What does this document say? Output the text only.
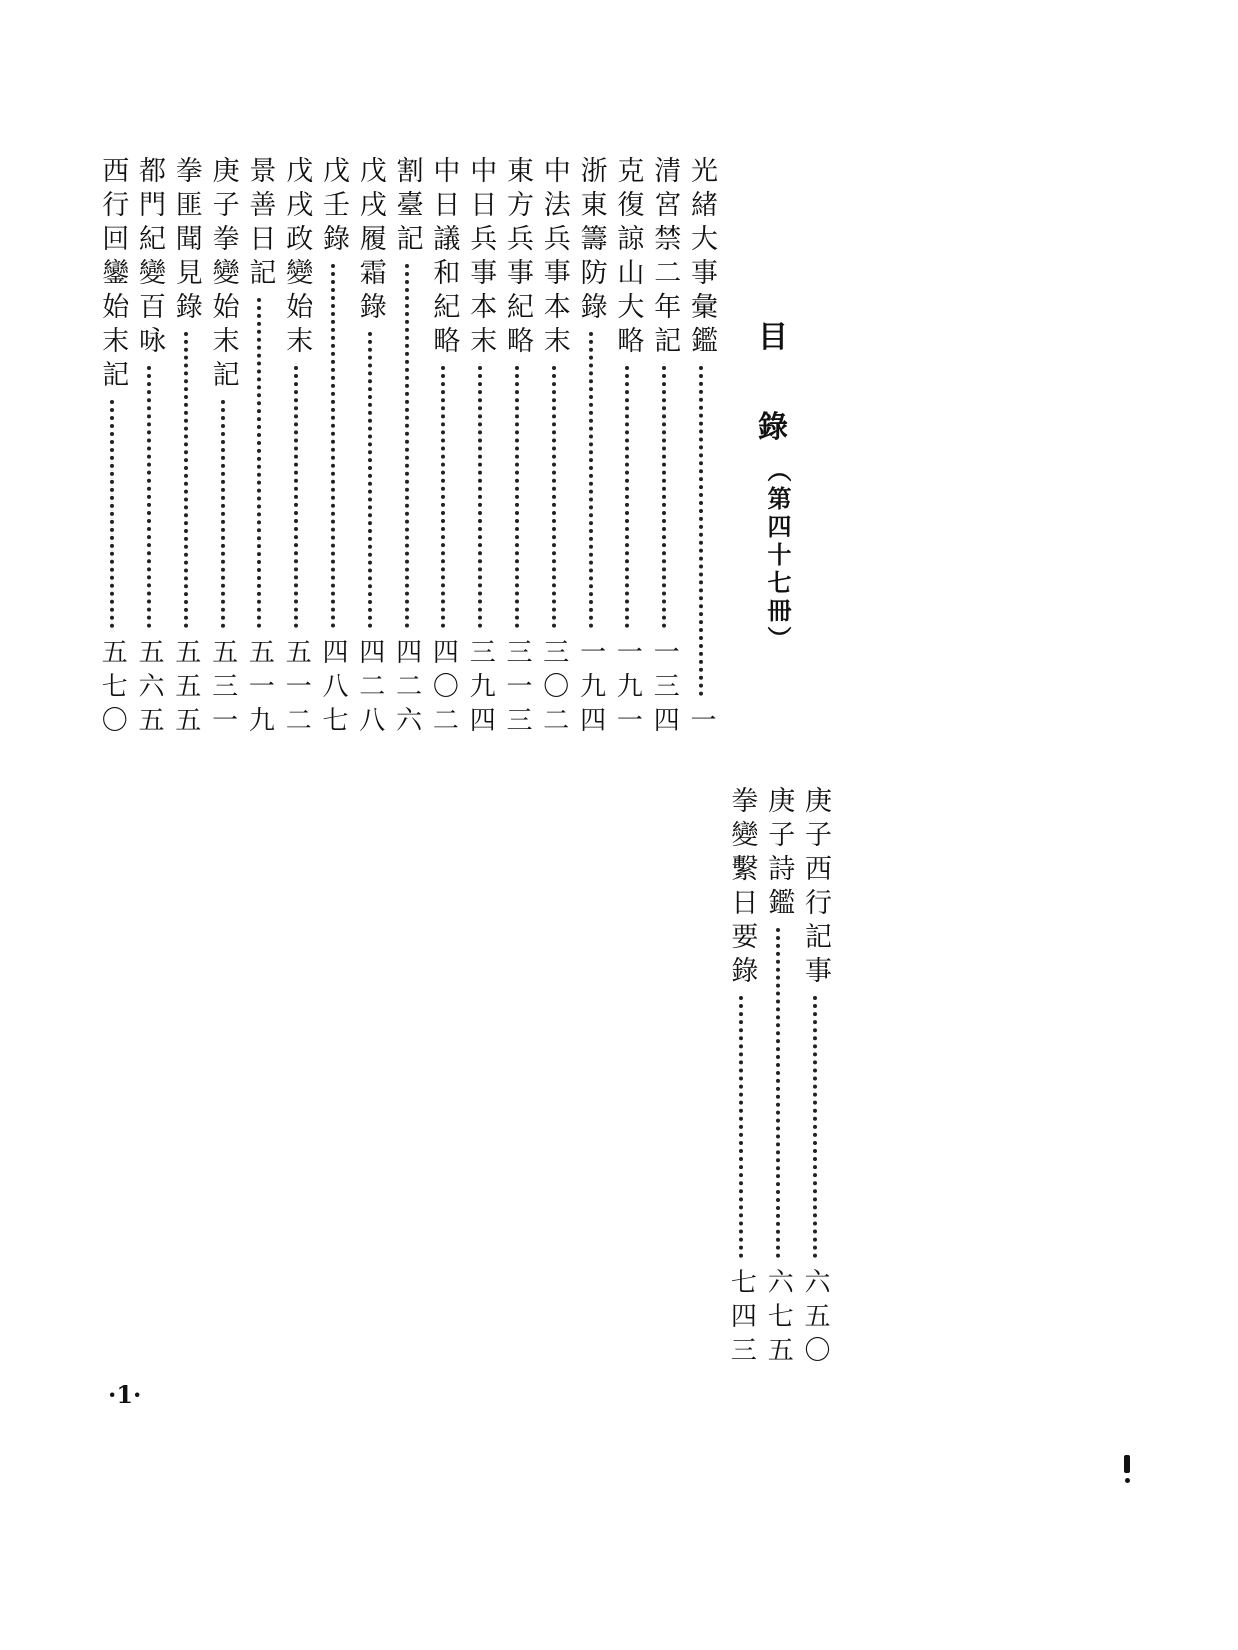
目
錄
（第四十七冊）
光緒大事彙鑑
一
清宮禁二年記
一三四
克復諒山大略
一九一
浙東籌防錄
一九四
中法兵事本末
三〇二
東方兵事紀略
三一三
中日兵事本末
三九四
中日議和紀略
四〇二
割臺記
四二六
戊戌履霜錄
四二八
戊壬錄
四八七
戊戌政變始末
五一二
景善日記
五一九
庚子拳變始末記
五三一
拳匪聞見錄
五五五
都門紀變百咏
五六五
西行回鑾始末記
五七〇
庚子西行記事
六五〇
庚子詩鑑
六七五
拳變繫日要錄
七四三
·1·
